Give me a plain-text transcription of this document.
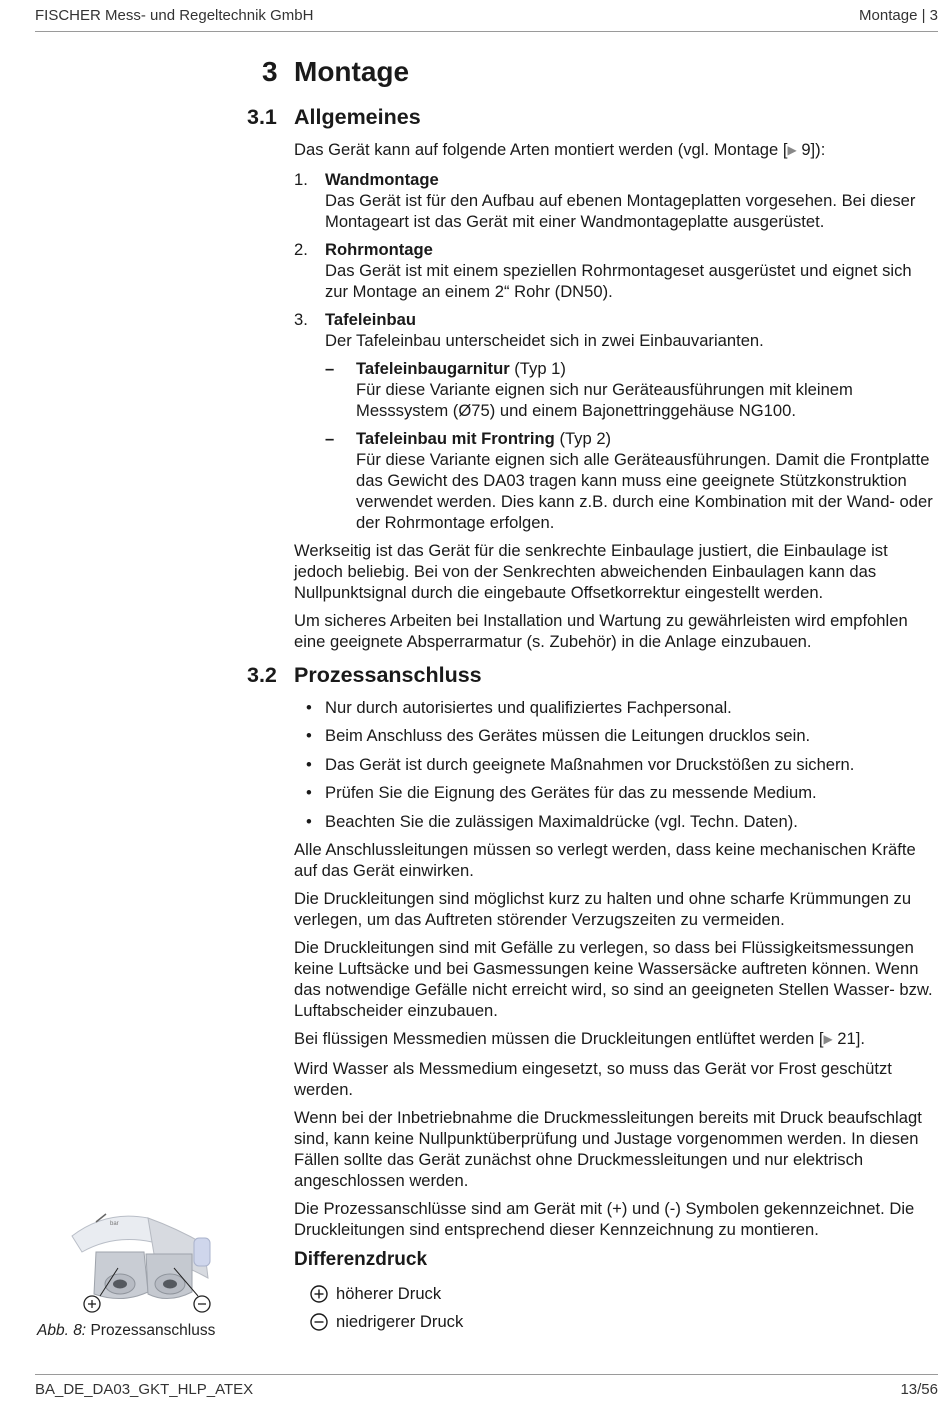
FISCHER Mess- und Regeltechnik GmbH	Montage | 3
3 Montage
3.1 Allgemeines

Das Gerät kann auf folgende Arten montiert werden (vgl. Montage [▶ 9]):

1. Wandmontage
Das Gerät ist für den Aufbau auf ebenen Montageplatten vorgesehen. Bei dieser Montageart ist das Gerät mit einer Wandmontageplatte ausgerüstet.
2. Rohrmontage
Das Gerät ist mit einem speziellen Rohrmontageset ausgerüstet und eignet sich zur Montage an einem 2“ Rohr (DN50).
3. Tafeleinbau
Der Tafeleinbau unterscheidet sich in zwei Einbauvarianten.
– Tafeleinbaugarnitur (Typ 1)
Für diese Variante eignen sich nur Geräteausführungen mit kleinem Messsystem (Ø75) und einem Bajonettringgehäuse NG100.
– Tafeleinbau mit Frontring (Typ 2)
Für diese Variante eignen sich alle Geräteausführungen. Damit die Frontplatte das Gewicht des DA03 tragen kann muss eine geeignete Stützkonstruktion verwendet werden. Dies kann z.B. durch eine Kombination mit der Wand- oder der Rohrmontage erfolgen.

Werkseitig ist das Gerät für die senkrechte Einbaulage justiert, die Einbaulage ist jedoch beliebig. Bei von der Senkrechten abweichenden Einbaulagen kann das Nullpunktsignal durch die eingebaute Offsetkorrektur eingestellt werden.

Um sicheres Arbeiten bei Installation und Wartung zu gewährleisten wird empfohlen eine geeignete Absperrarmatur (s. Zubehör) in die Anlage einzubauen.

3.2 Prozessanschluss
• Nur durch autorisiertes und qualifiziertes Fachpersonal.
• Beim Anschluss des Gerätes müssen die Leitungen drucklos sein.
• Das Gerät ist durch geeignete Maßnahmen vor Druckstößen zu sichern.
• Prüfen Sie die Eignung des Gerätes für das zu messende Medium.
• Beachten Sie die zulässigen Maximaldrücke (vgl. Techn. Daten).

Alle Anschlussleitungen müssen so verlegt werden, dass keine mechanischen Kräfte auf das Gerät einwirken.

Die Druckleitungen sind möglichst kurz zu halten und ohne scharfe Krümmungen zu verlegen, um das Auftreten störender Verzugszeiten zu vermeiden.

Die Druckleitungen sind mit Gefälle zu verlegen, so dass bei Flüssigkeitsmessungen keine Luftsäcke und bei Gasmessungen keine Wassersäcke auftreten können. Wenn das notwendige Gefälle nicht erreicht wird, so sind an geeigneten Stellen Wasser- bzw. Luftabscheider einzubauen.

Bei flüssigen Messmedien müssen die Druckleitungen entlüftet werden [▶ 21].

Wird Wasser als Messmedium eingesetzt, so muss das Gerät vor Frost geschützt werden.

Wenn bei der Inbetriebnahme die Druckmessleitungen bereits mit Druck beaufschlagt sind, kann keine Nullpunktüberprüfung und Justage vorgenommen werden. In diesen Fällen sollte das Gerät zunächst ohne Druckmessleitungen und nur elektrisch angeschlossen werden.

Die Prozessanschlüsse sind am Gerät mit (+) und (-) Symbolen gekennzeichnet. Die Druckleitungen sind entsprechend dieser Kennzeichnung zu montieren.

Differenzdruck
höherer Druck
niedrigerer Druck
bar
Abb. 8: Prozessanschluss
BA_DE_DA03_GKT_HLP_ATEX	13/56
